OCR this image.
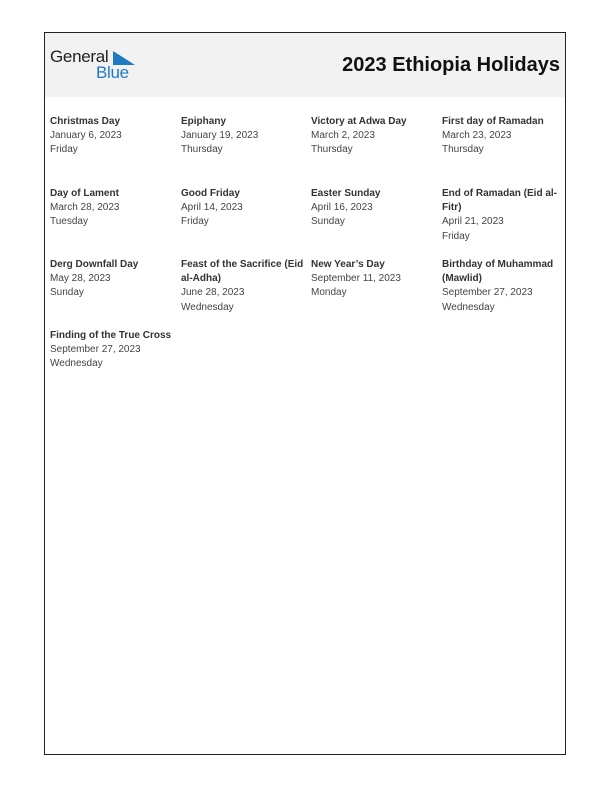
General
Blue	2023 Ethiopia Holidays
Christmas Day
January 6, 2023
Friday
Epiphany
January 19, 2023
Thursday
Victory at Adwa Day
March 2, 2023
Thursday
First day of Ramadan
March 23, 2023
Thursday
Day of Lament
March 28, 2023
Tuesday
Good Friday
April 14, 2023
Friday
Easter Sunday
April 16, 2023
Sunday
End of Ramadan (Eid al-Fitr)
April 21, 2023
Friday
Derg Downfall Day
May 28, 2023
Sunday
Feast of the Sacrifice (Eid al-Adha)
June 28, 2023
Wednesday
New Year’s Day
September 11, 2023
Monday
Birthday of Muhammad (Mawlid)
September 27, 2023
Wednesday
Finding of the True Cross
September 27, 2023
Wednesday
